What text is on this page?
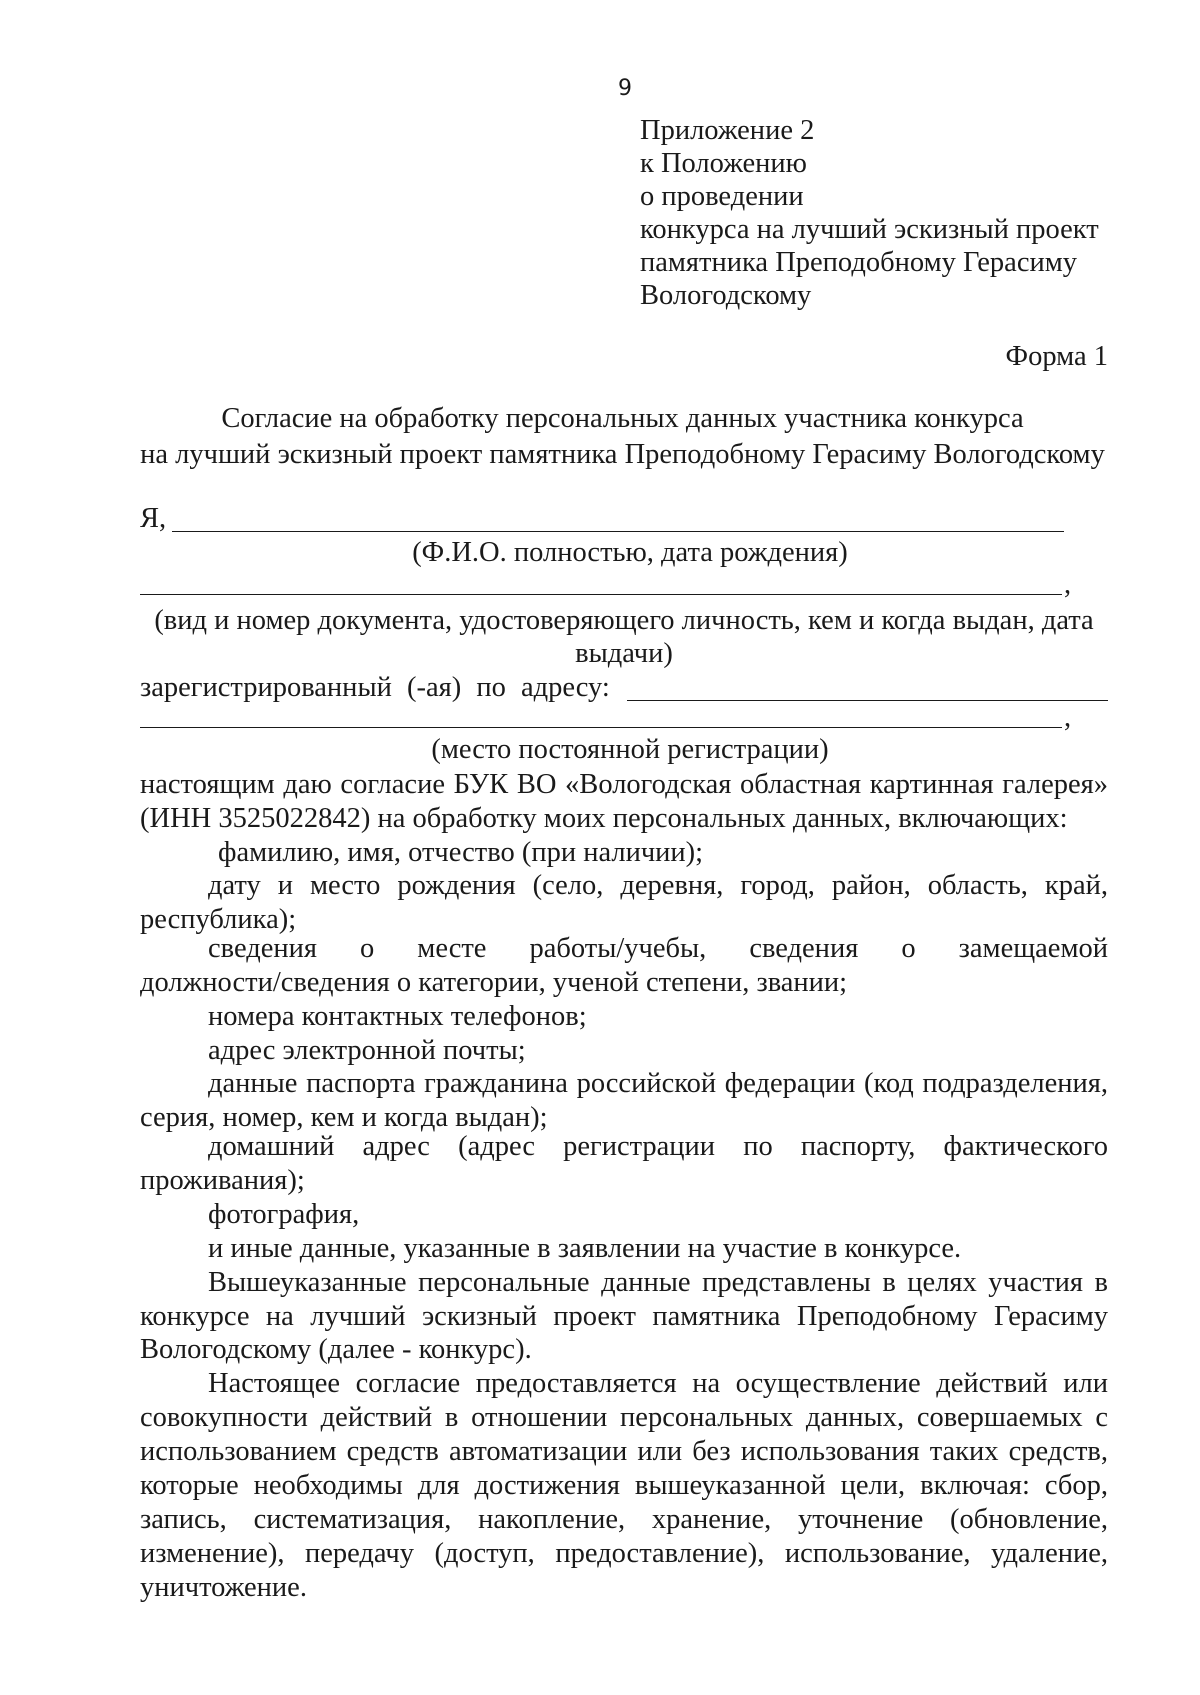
9
Приложение 2
к Положению
о проведении
конкурса на лучший эскизный проект
памятника Преподобному Герасиму
Вологодскому
Форма 1
Согласие на обработку персональных данных участника конкурса
на лучший эскизный проект памятника Преподобному Герасиму Вологодскому
Я,
(Ф.И.О. полностью, дата рождения)
,
(вид и номер документа, удостоверяющего личность, кем и когда выдан, дата
выдачи)
зарегистрированный (-ая) по адресу:
,
(место постоянной регистрации)
настоящим даю согласие БУК ВО «Вологодская областная картинная галерея»
(ИНН 3525022842) на обработку моих персональных данных, включающих:
фамилию, имя, отчество (при наличии);
дату и место рождения (село, деревня, город, район, область, край,
республика);
сведения о месте работы/учебы, сведения о замещаемой
должности/сведения о категории, ученой степени, звании;
номера контактных телефонов;
адрес электронной почты;
данные паспорта гражданина российской федерации (код подразделения,
серия, номер, кем и когда выдан);
домашний адрес (адрес регистрации по паспорту, фактического
проживания);
фотография,
и иные данные, указанные в заявлении на участие в конкурсе.
Вышеуказанные персональные данные представлены в целях участия в
конкурсе на лучший эскизный проект памятника Преподобному Герасиму
Вологодскому (далее - конкурс).
Настоящее согласие предоставляется на осуществление действий или
совокупности действий в отношении персональных данных, совершаемых с
использованием средств автоматизации или без использования таких средств,
которые необходимы для достижения вышеуказанной цели, включая: сбор,
запись, систематизация, накопление, хранение, уточнение (обновление,
изменение), передачу (доступ, предоставление), использование, удаление,
уничтожение.
